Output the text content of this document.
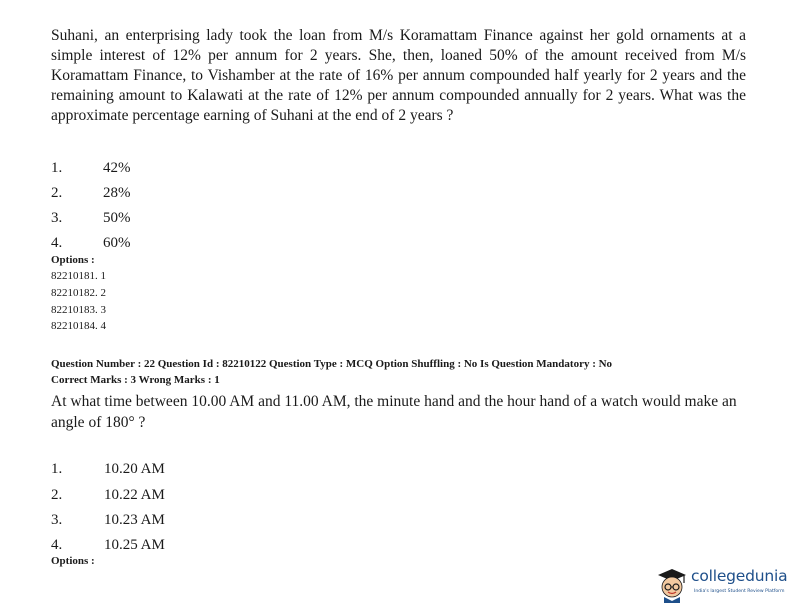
Suhani, an enterprising lady took the loan from M/s Koramattam Finance against her gold ornaments at a simple interest of 12% per annum for 2 years. She, then, loaned 50% of the amount received from M/s Koramattam Finance, to Vishamber at the rate of 16% per annum compounded half yearly for 2 years and the remaining amount to Kalawati at the rate of 12% per annum compounded annually for 2 years. What was the approximate percentage earning of Suhani at the end of 2 years ?
1.	42%
2.	28%
3.	50%
4.	60%
Options :
82210181. 1
82210182. 2
82210183. 3
82210184. 4
Question Number : 22 Question Id : 82210122 Question Type : MCQ Option Shuffling : No Is Question Mandatory : No
Correct Marks : 3 Wrong Marks : 1
At what time between 10.00 AM and 11.00 AM, the minute hand and the hour hand of a watch would make an angle of 180° ?
1.	10.20 AM
2.	10.22 AM
3.	10.23 AM
4.	10.25 AM
Options :
collegedunia
India's largest Student Review Platform
